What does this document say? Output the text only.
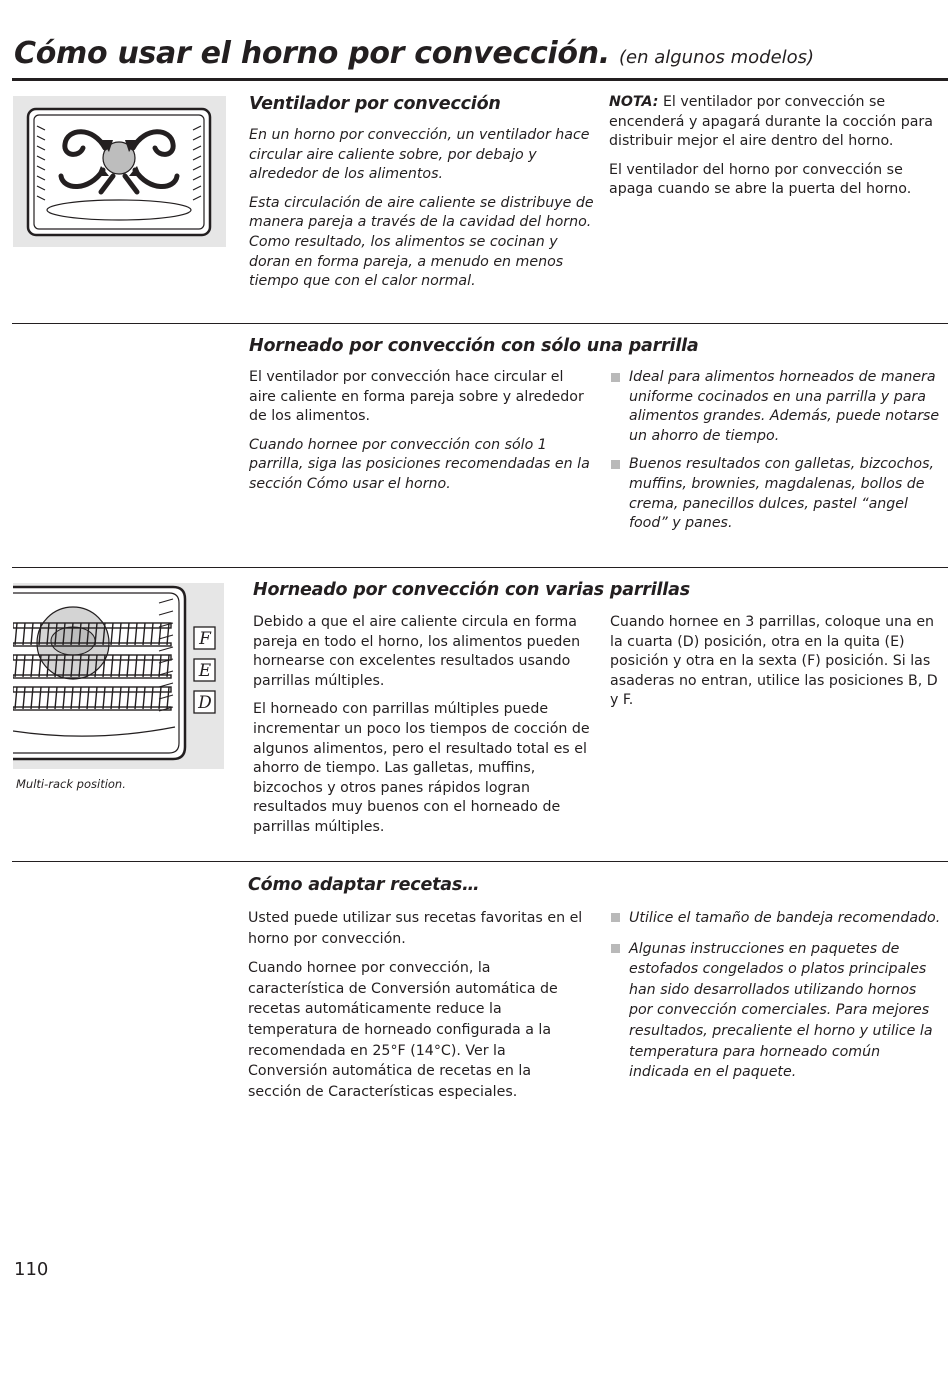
Cómo usar el horno por convección. (en algunos modelos)
Ventilador por convección

En un horno por convección, un ventilador hace circular aire caliente sobre, por debajo y alrededor de los alimentos.

Esta circulación de aire caliente se distribuye de manera pareja a través de la cavidad del horno. Como resultado, los alimentos se cocinan y doran en forma pareja, a menudo en menos tiempo que con el calor normal.

NOTA: El ventilador por convección se encenderá y apagará durante la cocción para distribuir mejor el aire dentro del horno.

El ventilador del horno por convección se apaga cuando se abre la puerta del horno.

Horneado por convección con sólo una parrilla

El ventilador por convección hace circular el aire caliente en forma pareja sobre y alrededor de los alimentos.

Cuando hornee por convección con sólo 1 parrilla, siga las posiciones recomendadas en la sección Cómo usar el horno.

Ideal para alimentos horneados de manera uniforme cocinados en una parrilla y para alimentos grandes. Además, puede notarse un ahorro de tiempo.
Buenos resultados con galletas, bizcochos, muffins, brownies, magdalenas, bollos de crema, panecillos dulces, pastel “angel food” y panes.
F
E
D
Multi-rack position.
Horneado por convección con varias parrillas

Debido a que el aire caliente circula en forma pareja en todo el horno, los alimentos pueden hornearse con excelentes resultados usando parrillas múltiples.

El horneado con parrillas múltiples puede incrementar un poco los tiempos de cocción de algunos alimentos, pero el resultado total es el ahorro de tiempo. Las galletas, muffins, bizcochos y otros panes rápidos logran resultados muy buenos con el horneado de parrillas múltiples.

Cuando hornee en 3 parrillas, coloque una en la cuarta (D) posición, otra en la quita (E) posición y otra en la sexta (F) posición. Si las asaderas no entran, utilice las posiciones B, D y F.

Cómo adaptar recetas…

Usted puede utilizar sus recetas favoritas en el horno por convección.

Cuando hornee por convección, la característica de Conversión automática de recetas automáticamente reduce la temperatura de horneado configurada a la recomendada en 25°F (14°C). Ver la Conversión automática de recetas en la sección de Características especiales.

Utilice el tamaño de bandeja recomendado.
Algunas instrucciones en paquetes de estofados congelados o platos principales han sido desarrollados utilizando hornos por convección comerciales. Para mejores resultados, precaliente el horno y utilice la temperatura para horneado común indicada en el paquete.
110
